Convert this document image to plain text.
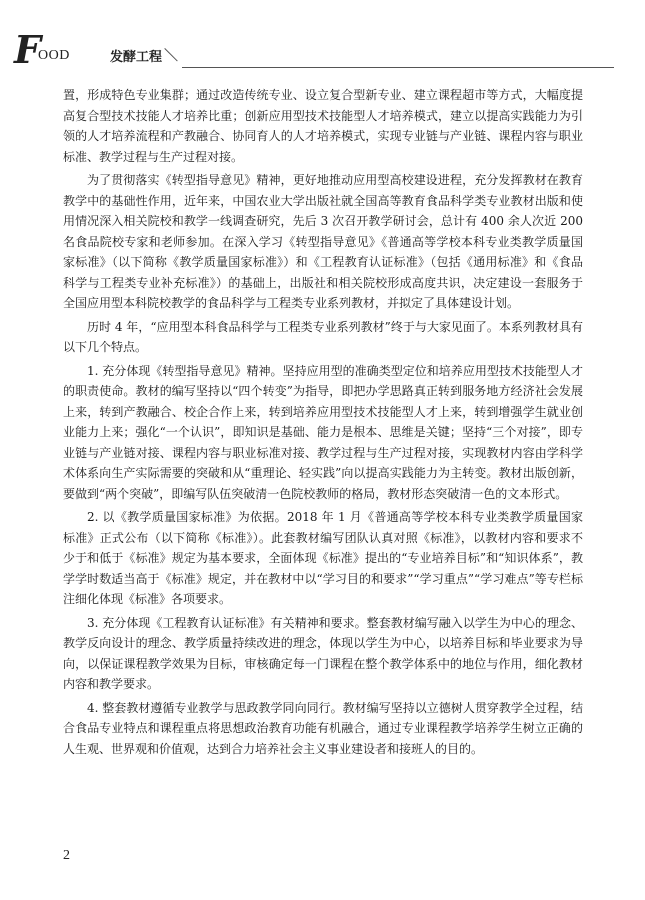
F
OOD	发酵工程

置，形成特色专业集群；通过改造传统专业、设立复合型新专业、建立课程超市等方式，大幅度提高复合型技术技能人才培养比重；创新应用型技术技能型人才培养模式，建立以提高实践能力为引领的人才培养流程和产教融合、协同育人的人才培养模式，实现专业链与产业链、课程内容与职业标准、教学过程与生产过程对接。

为了贯彻落实《转型指导意见》精神，更好地推动应用型高校建设进程，充分发挥教材在教育教学中的基础性作用，近年来，中国农业大学出版社就全国高等教育食品科学类专业教材出版和使用情况深入相关院校和教学一线调查研究，先后 3 次召开教学研讨会，总计有 400 余人次近 200 名食品院校专家和老师参加。在深入学习《转型指导意见》《普通高等学校本科专业类教学质量国家标准》（以下简称《教学质量国家标准》）和《工程教育认证标准》（包括《通用标准》和《食品科学与工程类专业补充标准》）的基础上，出版社和相关院校形成高度共识，决定建设一套服务于全国应用型本科院校教学的食品科学与工程类专业系列教材，并拟定了具体建设计划。

历时 4 年，“应用型本科食品科学与工程类专业系列教材”终于与大家见面了。本系列教材具有以下几个特点。

1. 充分体现《转型指导意见》精神。坚持应用型的准确类型定位和培养应用型技术技能型人才的职责使命。教材的编写坚持以“四个转变”为指导，即把办学思路真正转到服务地方经济社会发展上来，转到产教融合、校企合作上来，转到培养应用型技术技能型人才上来，转到增强学生就业创业能力上来；强化“一个认识”，即知识是基础、能力是根本、思维是关键；坚持“三个对接”，即专业链与产业链对接、课程内容与职业标准对接、教学过程与生产过程对接，实现教材内容由学科学术体系向生产实际需要的突破和从“重理论、轻实践”向以提高实践能力为主转变。教材出版创新，要做到“两个突破”，即编写队伍突破清一色院校教师的格局，教材形态突破清一色的文本形式。

2. 以《教学质量国家标准》为依据。2018 年 1 月《普通高等学校本科专业类教学质量国家标准》正式公布（以下简称《标准》）。此套教材编写团队认真对照《标准》，以教材内容和要求不少于和低于《标准》规定为基本要求，全面体现《标准》提出的“专业培养目标”和“知识体系”，教学学时数适当高于《标准》规定，并在教材中以“学习目的和要求”“学习重点”“学习难点”等专栏标注细化体现《标准》各项要求。

3. 充分体现《工程教育认证标准》有关精神和要求。整套教材编写融入以学生为中心的理念、教学反向设计的理念、教学质量持续改进的理念，体现以学生为中心，以培养目标和毕业要求为导向，以保证课程教学效果为目标，审核确定每一门课程在整个教学体系中的地位与作用，细化教材内容和教学要求。

4. 整套教材遵循专业教学与思政教学同向同行。教材编写坚持以立德树人贯穿教学全过程，结合食品专业特点和课程重点将思想政治教育功能有机融合，通过专业课程教学培养学生树立正确的人生观、世界观和价值观，达到合力培养社会主义事业建设者和接班人的目的。

2
